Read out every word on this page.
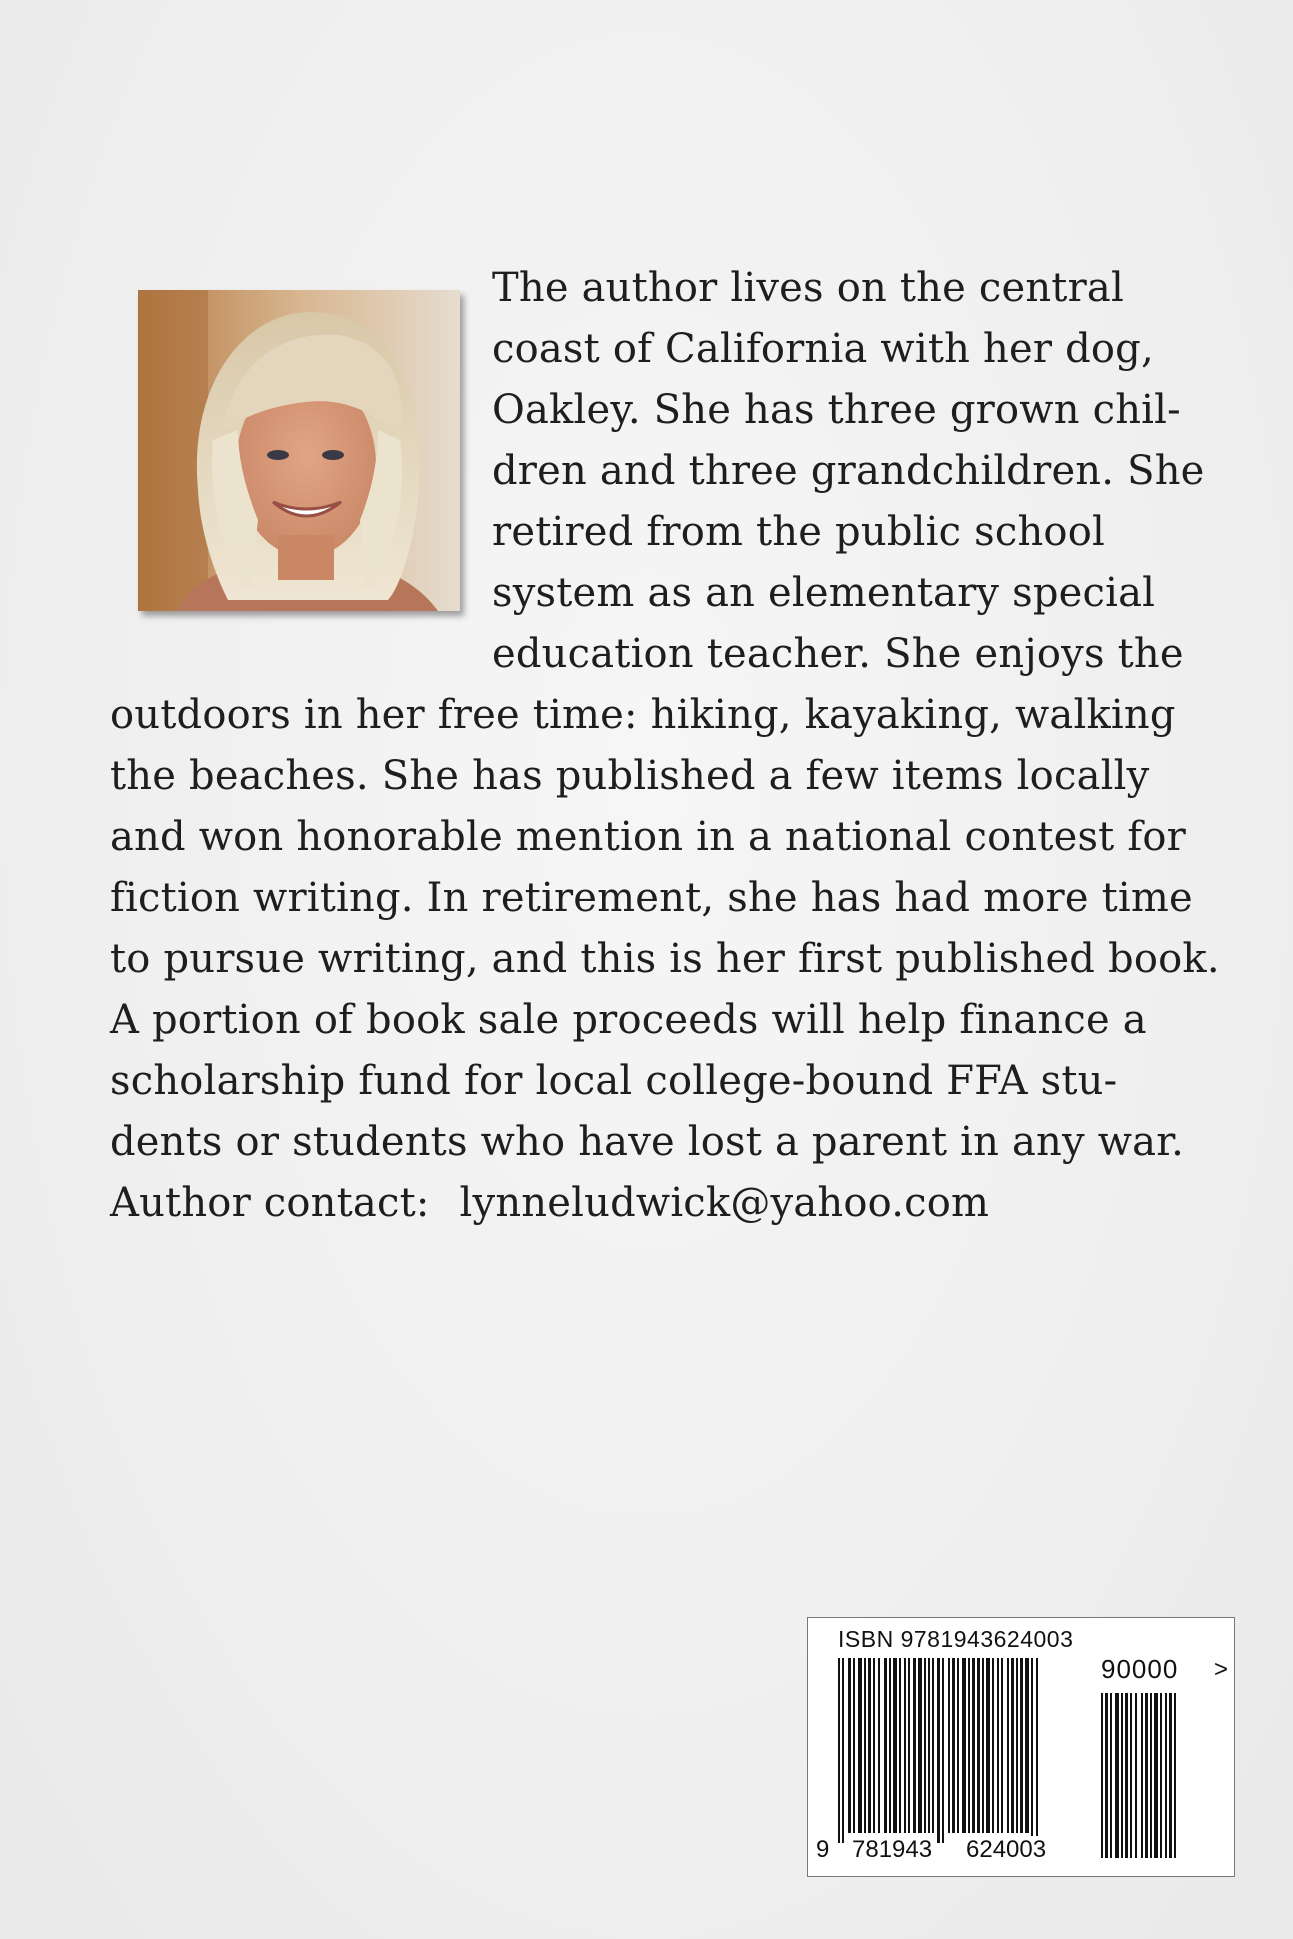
The author lives on the central
coast of California with her dog,
Oakley. She has three grown chil-
dren and three grandchildren. She
retired from the public school
system as an elementary special
education teacher. She enjoys the
outdoors in her free time: hiking, kayaking, walking
the beaches. She has published a few items locally
and won honorable mention in a national contest for
fiction writing. In retirement, she has had more time
to pursue writing, and this is her first published book.
A portion of book sale proceeds will help finance a
scholarship fund for local college-bound FFA stu-
dents or students who have lost a parent in any war.
Author contact: lynneludwick@yahoo.com
ISBN 9781943624003
90000 >
9 781943 624003
